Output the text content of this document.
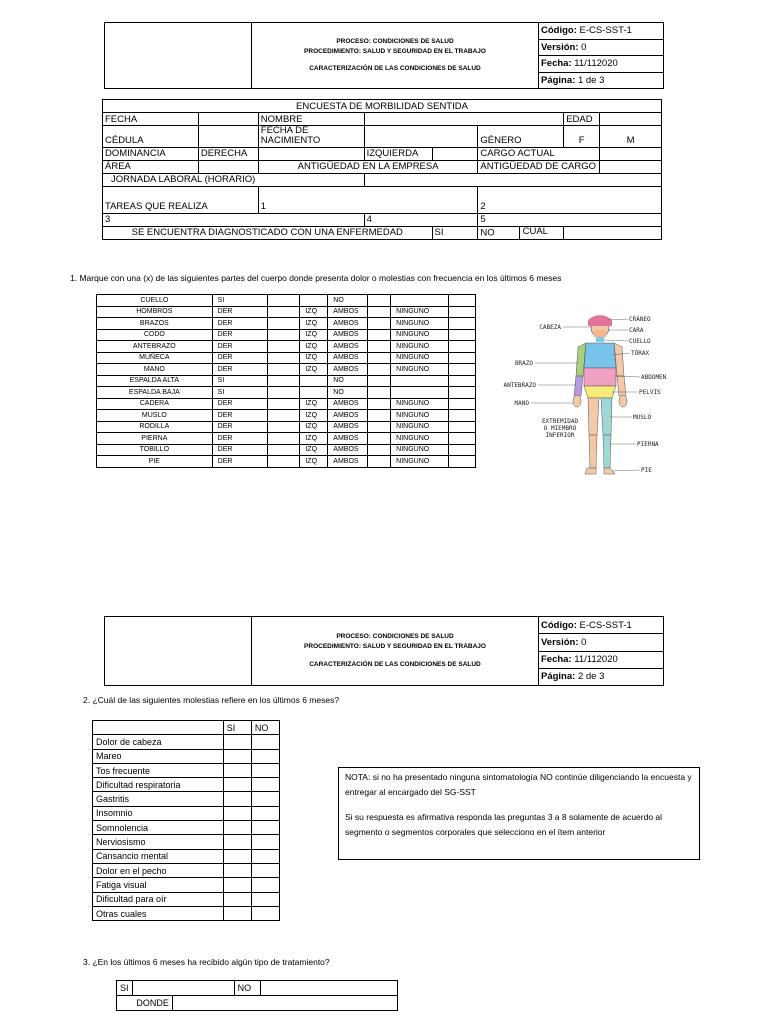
PROCESO: CONDICIONES DE SALUD
PROCEDIMIENTO: SALUD Y SEGURIDAD EN EL TRABAJO
CARACTERIZACIÓN DE LAS CONDICIONES DE SALUD
	Código: E-CS-SST-1
Versión: 0
Fecha: 11/112020
Página: 1 de 3
ENCUESTA DE MORBILIDAD SENTIDA							
FECHA		NOMBRE				EDAD	
CÉDULA		FECHA DE NACIMIENTO			GÉNERO	F	M
DOMINANCIA	DERECHA		IZQUIERDA		CARGO ACTUAL		
ÁREA		ANTIGÜEDAD EN LA EMPRESA			ANTIGÜEDAD DE CARGO		
JORNADA LABORAL (HORARIO)							
TAREAS QUE REALIZA		1			2		
3			4		5		
SE ENCUENTRA DIAGNOSTICADO CON UNA ENFERMEDAD				SI	NO CUAL		
1. Marque con una (x) de las siguientes partes del cuerpo donde presenta dolor o molestias con frecuencia en los últimos 6 meses
CUELLO	SI			NO			
HOMBROS	DER		IZQ	AMBOS		NINGUNO	
BRAZOS	DER		IZQ	AMBOS		NINGUNO	
CODO	DER		IZQ	AMBOS		NINGUNO	
ANTEBRAZO	DER		IZQ	AMBOS		NINGUNO	
MUÑECA	DER		IZQ	AMBOS		NINGUNO	
MANO	DER		IZQ	AMBOS		NINGUNO	
ESPALDA ALTA	SI			NO			
ESPALDA BAJA	SI			NO			
CADERA	DER		IZQ	AMBOS		NINGUNO	
MUSLO	DER		IZQ	AMBOS		NINGUNO	
RODILLA	DER		IZQ	AMBOS		NINGUNO	
PIERNA	DER		IZQ	AMBOS		NINGUNO	
TOBILLO	DER		IZQ	AMBOS		NINGUNO	
PIE	DER		IZQ	AMBOS		NINGUNO	
CABEZA
CRÁNEO
CARA
CUELLO
TÓRAX
BRAZO
ABDOMEN
ANTEBRAZO
PELVIS
MANO
MUSLO
EXTREMIDAD
O MIEMBRO
INFERIOR
PIERNA
PIE

PROCESO: CONDICIONES DE SALUD
PROCEDIMIENTO: SALUD Y SEGURIDAD EN EL TRABAJO
CARACTERIZACIÓN DE LAS CONDICIONES DE SALUD
	Código: E-CS-SST-1
Versión: 0
Fecha: 11/112020
Página: 2 de 3
2. ¿Cuál de las siguientes molestias refiere en los últimos 6 meses?
	SI	NO
Dolor de cabeza		
Mareo		
Tos frecuente		
Dificultad respiratoria		
Gastritis		
Insomnio		
Somnolencia		
Nerviosismo		
Cansancio mental		
Dolor en el pecho		
Fatiga visual		
Dificultad para oír		
Otras cuales		

NOTA: si no ha presentado ninguna sintomatología NO continúe diligenciando la encuesta y entregar al encargado del SG-SST

Si su respuesta es afirmativa responda las preguntas 3 a 8 solamente de acuerdo al segmento o segmentos corporales que selecciono en el ítem anterior

3. ¿En los últimos 6 meses ha recibido algún tipo de tratamiento?
SI			NO	
DONDE				
